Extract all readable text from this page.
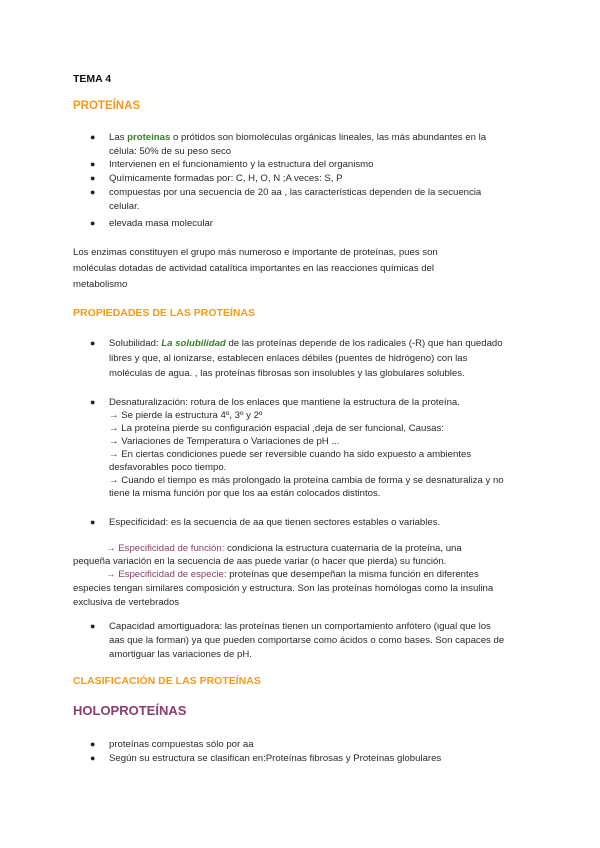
TEMA 4
PROTEÍNAS
●	Las proteínas o prótidos son biomoléculas orgánicas lineales, las más abundantes en la
célula: 50% de su peso seco
●	Intervienen en el funcionamiento y la estructura del organismo
●	Químicamente formadas por: C, H, O, N ;A veces: S, P
●	compuestas por una secuencia de 20 aa , las características dependen de la secuencia
celular.
●	elevada masa molecular
Los enzimas constituyen el grupo más numeroso e importante de proteínas, pues son
moléculas dotadas de actividad catalítica importantes en las reacciones químicas del
metabolismo
PROPIEDADES DE LAS PROTEÍNAS
●	Solubilidad: La solubilidad de las proteínas depende de los radicales (-R) que han quedado
libres y que, al ionizarse, establecen enlaces débiles (puentes de hidrógeno) con las
moléculas de agua. , las proteínas fibrosas son insolubles y las globulares solubles.
●	Desnaturalización: rotura de los enlaces que mantiene la estructura de la proteína.
→ Se pierde la estructura 4º, 3º y 2º
→ La proteína pierde su configuración espacial ,deja de ser funcional, Causas:
→ Variaciones de Temperatura o Variaciones de pH ...
→ En ciertas condiciones puede ser reversible cuando ha sido expuesto a ambientes
desfavorables poco tiempo.
→ Cuando el tiempo es más prolongado la proteína cambia de forma y se desnaturaliza y no
tiene la misma función por que los aa están colocados distintos.
●	Especificidad: es la secuencia de aa que tienen sectores estables o variables.
→ Especificidad de función: condiciona la estructura cuaternaria de la proteína, una
pequeña variación en la secuencia de aas puede variar (o hacer que pierda) su función.
→ Especificidad de especie: proteínas que desempeñan la misma función en diferentes
especies tengan similares composición y estructura. Son las proteínas homólogas como la insulina
exclusiva de vertebrados
●	Capacidad amortiguadora: las proteínas tienen un comportamiento anfótero (igual que los
aas que la forman) ya que pueden comportarse como ácidos o como bases. Son capaces de
amortiguar las variaciones de pH.
CLASIFICACIÓN DE LAS PROTEÍNAS
HOLOPROTEÍNAS
●	proteínas compuestas sólo por aa
●	Según su estructura se clasifican en:Proteínas fibrosas y Proteínas globulares
